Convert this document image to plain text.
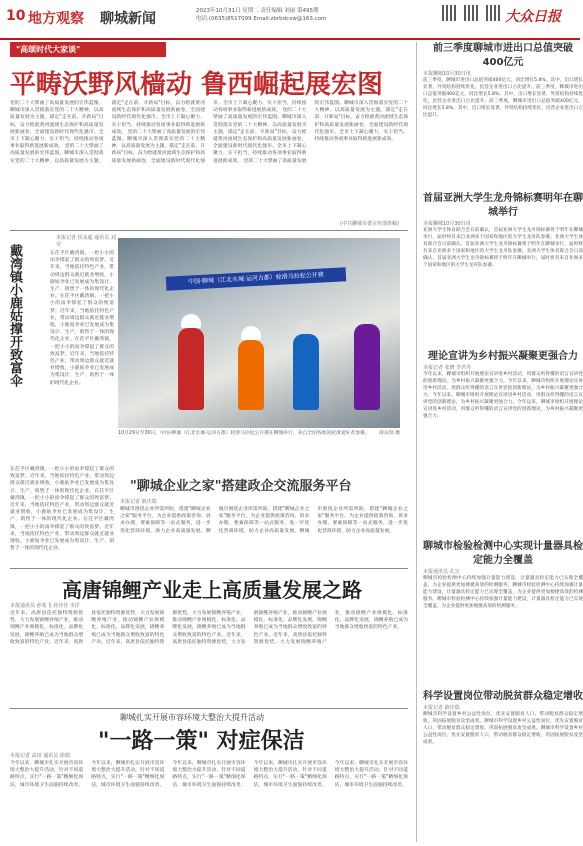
10 地方观察 聊城新闻	2023年10月31日 星期二 责任编辑 刘丽 第495期
电话:(0635)8517099 Email:zbrbdcxw@163.com	大众日报
"高颂时代大家谈"
平畴沃野风樯动 鲁西崛起展宏图
党的二十大擘画了高质量发展的宏伟蓝图。聊城市深入贯彻落实党的二十大精神，以高质量发展为主题，锚定"走在前、开新局"目标，奋力绘就黄河流域生态保护和高质量发展新画卷，全面建设新时代现代化强市。全市上下凝心聚力、实干担当，持续推动各项事业取得新进展新成效。 党的二十大擘画了高质量发展的宏伟蓝图。聊城市深入贯彻落实党的二十大精神，以高质量发展为主题，锚定"走在前、开新局"目标，奋力绘就黄河流域生态保护和高质量发展新画卷，全面建设新时代现代化强市。全市上下凝心聚力、实干担当，持续推动各项事业取得新进展新成效。 党的二十大擘画了高质量发展的宏伟蓝图。聊城市深入贯彻落实党的二十大精神，以高质量发展为主题，锚定"走在前、开新局"目标，奋力绘就黄河流域生态保护和高质量发展新画卷，全面建设新时代现代化强市。全市上下凝心聚力、实干担当，持续推动各项事业取得新进展新成效。 党的二十大擘画了高质量发展的宏伟蓝图。聊城市深入贯彻落实党的二十大精神，以高质量发展为主题，锚定"走在前、开新局"目标，奋力绘就黄河流域生态保护和高质量发展新画卷，全面建设新时代现代化强市。全市上下凝心聚力、实干担当，持续推动各项事业取得新进展新成效。 党的二十大擘画了高质量发展的宏伟蓝图。聊城市深入贯彻落实党的二十大精神，以高质量发展为主题，锚定"走在前、开新局"目标，奋力绘就黄河流域生态保护和高质量发展新画卷，全面建设新时代现代化强市。全市上下凝心聚力、实干担当，持续推动各项事业取得新进展新成效。
(中共聊城市委宣传部供稿)
本报记者 侯永超 通讯员 刘莹
戴湾镇小鹿姑撑开致富伞	在茌平区戴湾镇，一把小小的雨伞撑起了群众的致富梦。近年来，当地依托特色产业，带动周边群众就近就业增收，小鹿姑伞业已发展成为集设计、生产、销售于一体的现代化企业。在茌平区戴湾镇，一把小小的雨伞撑起了群众的致富梦。近年来，当地依托特色产业，带动周边群众就近就业增收，小鹿姑伞业已发展成为集设计、生产、销售于一体的现代化企业。在茌平区戴湾镇，一把小小的雨伞撑起了群众的致富梦。近年来，当地依托特色产业，带动周边群众就近就业增收，小鹿姑伞业已发展成为集设计、生产、销售于一体的现代化企业。
中国·聊城（江北水城·运河古都）轮滑马拉松公开赛
10月29日至30日，中国·聊城（江北水城·运河古都）轮滑马拉松公开赛在聊城举行，来自全国各地的轮滑爱好者参赛。 薛庆瑞 摄
"聊城企业之家"搭建政企交流服务平台
本报记者 薛庆瑞
聊城市围绕企业所需所盼，搭建"聊城企业之家"服务平台，为企业提供政策咨询、诉求办理、要素保障等一站式服务，进一步优化营商环境，助力企业高质量发展。聊城市围绕企业所需所盼，搭建"聊城企业之家"服务平台，为企业提供政策咨询、诉求办理、要素保障等一站式服务，进一步优化营商环境，助力企业高质量发展。聊城市围绕企业所需所盼，搭建"聊城企业之家"服务平台，为企业提供政策咨询、诉求办理、要素保障等一站式服务，进一步优化营商环境，助力企业高质量发展。
在茌平区戴湾镇，一把小小的雨伞撑起了群众的致富梦。近年来，当地依托特色产业，带动周边群众就近就业增收，小鹿姑伞业已发展成为集设计、生产、销售于一体的现代化企业。在茌平区戴湾镇，一把小小的雨伞撑起了群众的致富梦。近年来，当地依托特色产业，带动周边群众就近就业增收，小鹿姑伞业已发展成为集设计、生产、销售于一体的现代化企业。在茌平区戴湾镇，一把小小的雨伞撑起了群众的致富梦。近年来，当地依托特色产业，带动周边群众就近就业增收，小鹿姑伞业已发展成为集设计、生产、销售于一体的现代化企业。
高唐锦鲤产业走上高质量发展之路
本报通讯员 孙希飞 孙佳佳 李洋
近年来，高唐县依托独特资源优势，大力发展锦鲤养殖产业，推动锦鲤产业规模化、标准化、品牌化发展，锦鲤养殖已成为当地群众增收致富的特色产业。近年来，高唐县依托独特资源优势，大力发展锦鲤养殖产业，推动锦鲤产业规模化、标准化、品牌化发展，锦鲤养殖已成为当地群众增收致富的特色产业。近年来，高唐县依托独特资源优势，大力发展锦鲤养殖产业，推动锦鲤产业规模化、标准化、品牌化发展，锦鲤养殖已成为当地群众增收致富的特色产业。近年来，高唐县依托独特资源优势，大力发展锦鲤养殖产业，推动锦鲤产业规模化、标准化、品牌化发展，锦鲤养殖已成为当地群众增收致富的特色产业。近年来，高唐县依托独特资源优势，大力发展锦鲤养殖产业，推动锦鲤产业规模化、标准化、品牌化发展，锦鲤养殖已成为当地群众增收致富的特色产业。
聊城扎实开展市容环境大整治大提升活动
"一路一策" 对症保洁
本报记者 高田 通讯员 徐瑞
今年以来，聊城市扎实开展市容环境大整治大提升活动，针对不同道路特点，实行"一路一策"精细化保洁，城市环境卫生面貌持续改善。今年以来，聊城市扎实开展市容环境大整治大提升活动，针对不同道路特点，实行"一路一策"精细化保洁，城市环境卫生面貌持续改善。今年以来，聊城市扎实开展市容环境大整治大提升活动，针对不同道路特点，实行"一路一策"精细化保洁，城市环境卫生面貌持续改善。今年以来，聊城市扎实开展市容环境大整治大提升活动，针对不同道路特点，实行"一路一策"精细化保洁，城市环境卫生面貌持续改善。今年以来，聊城市扎实开展市容环境大整治大提升活动，针对不同道路特点，实行"一路一策"精细化保洁，城市环境卫生面貌持续改善。
前三季度聊城市进出口总值突破400亿元
本报聊城10月30日讯
前三季度，聊城市进出口总值突破400亿元，同比增长5.8%。其中，出口增长显著，外贸结构持续优化，民营企业进出口占比提升。前三季度，聊城市进出口总值突破400亿元，同比增长5.8%。其中，出口增长显著，外贸结构持续优化，民营企业进出口占比提升。前三季度，聊城市进出口总值突破400亿元，同比增长5.8%。其中，出口增长显著，外贸结构持续优化，民营企业进出口占比提升。
首届亚洲大学生龙舟锦标赛明年在聊城举行
本报聊城10月30日讯
亚洲大学生体育联合会日前确认，首届亚洲大学生龙舟锦标赛将于明年在聊城举行，届时将有来自亚洲多个国家和地区的大学生龙舟队参赛。亚洲大学生体育联合会日前确认，首届亚洲大学生龙舟锦标赛将于明年在聊城举行，届时将有来自亚洲多个国家和地区的大学生龙舟队参赛。亚洲大学生体育联合会日前确认，首届亚洲大学生龙舟锦标赛将于明年在聊城举行，届时将有来自亚洲多个国家和地区的大学生龙舟队参赛。
理论宣讲为乡村振兴凝聚更强合力
本报记者 张晓 李君寿
今年以来，聊城市组织开展理论宣讲进乡村活动，用群众听得懂的语言宣讲党的创新理论，为乡村振兴凝聚更强合力。今年以来，聊城市组织开展理论宣讲进乡村活动，用群众听得懂的语言宣讲党的创新理论，为乡村振兴凝聚更强合力。今年以来，聊城市组织开展理论宣讲进乡村活动，用群众听得懂的语言宣讲党的创新理论，为乡村振兴凝聚更强合力。今年以来，聊城市组织开展理论宣讲进乡村活动，用群众听得懂的语言宣讲党的创新理论，为乡村振兴凝聚更强合力。
聊城市检验检测中心实现计量器具检定能力全覆盖
本报通讯员 孔宣
聊城市检验检测中心持续加强计量能力建设，计量器具检定能力已实现全覆盖，为企业提供更加便捷高效的检测服务。聊城市检验检测中心持续加强计量能力建设，计量器具检定能力已实现全覆盖，为企业提供更加便捷高效的检测服务。聊城市检验检测中心持续加强计量能力建设，计量器具检定能力已实现全覆盖，为企业提供更加便捷高效的检测服务。
科学设置岗位带动脱贫群众稳定增收
本报记者 薛庆瑞
聊城市科学设置乡村公益性岗位，优先安置脱贫人口，带动脱贫群众稳定增收，巩固拓展脱贫攻坚成果。聊城市科学设置乡村公益性岗位，优先安置脱贫人口，带动脱贫群众稳定增收，巩固拓展脱贫攻坚成果。聊城市科学设置乡村公益性岗位，优先安置脱贫人口，带动脱贫群众稳定增收，巩固拓展脱贫攻坚成果。
